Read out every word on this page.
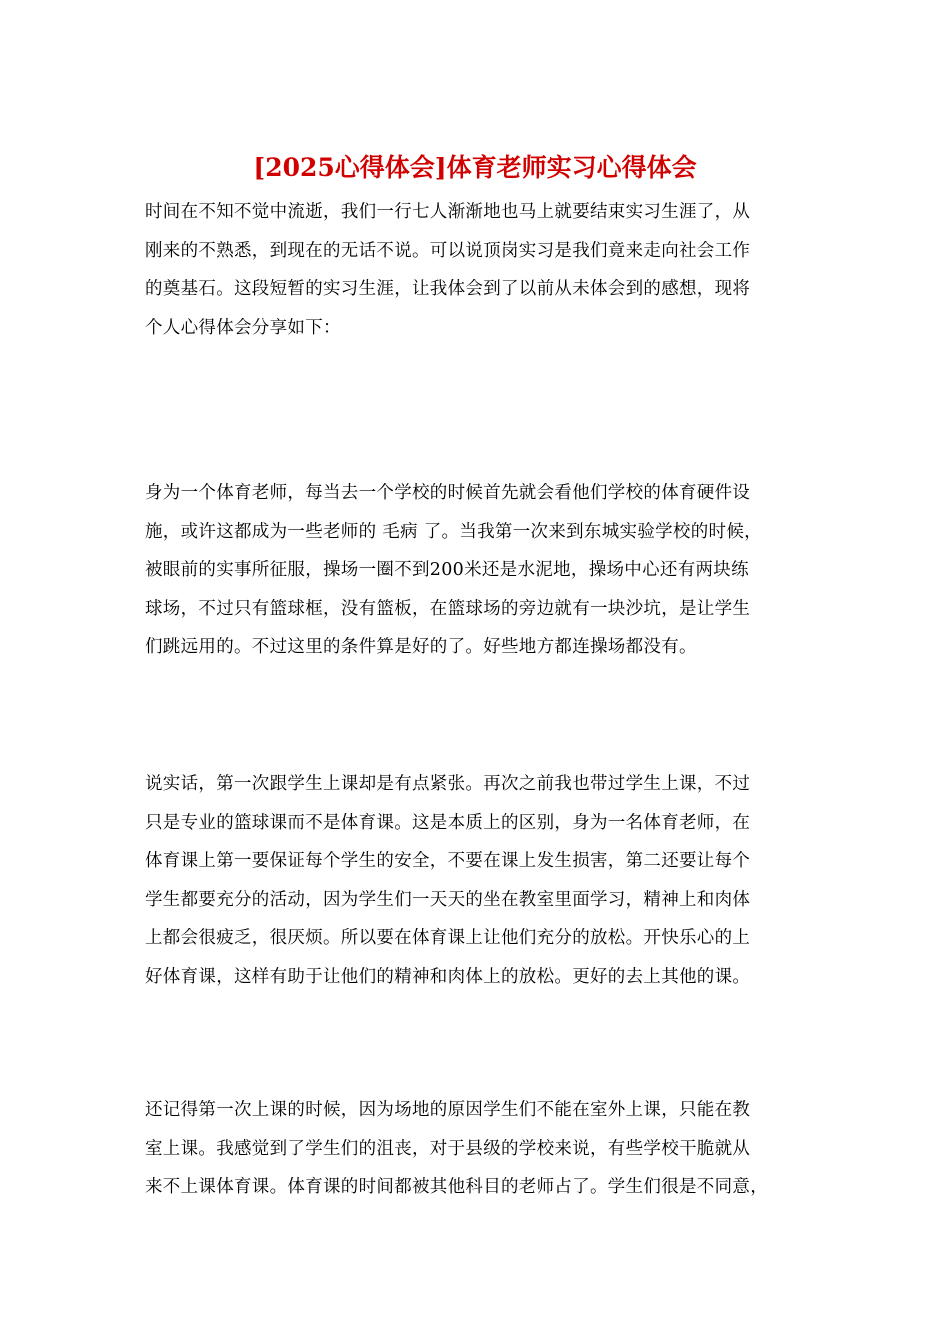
[2025心得体会]体育老师实习心得体会

时间在不知不觉中流逝，我们一行七人渐渐地也马上就要结束实习生涯了，从
刚来的不熟悉，到现在的无话不说。可以说顶岗实习是我们竟来走向社会工作
的奠基石。这段短暂的实习生涯，让我体会到了以前从未体会到的感想，现将
个人心得体会分享如下：

身为一个体育老师，每当去一个学校的时候首先就会看他们学校的体育硬件设
施，或许这都成为一些老师的 毛病 了。当我第一次来到东城实验学校的时候，
被眼前的实事所征服，操场一圈不到200米还是水泥地，操场中心还有两块练
球场，不过只有篮球框，没有篮板，在篮球场的旁边就有一块沙坑，是让学生
们跳远用的。不过这里的条件算是好的了。好些地方都连操场都没有。

说实话，第一次跟学生上课却是有点紧张。再次之前我也带过学生上课，不过
只是专业的篮球课而不是体育课。这是本质上的区别，身为一名体育老师，在
体育课上第一要保证每个学生的安全，不要在课上发生损害，第二还要让每个
学生都要充分的活动，因为学生们一天天的坐在教室里面学习，精神上和肉体
上都会很疲乏，很厌烦。所以要在体育课上让他们充分的放松。开快乐心的上
好体育课，这样有助于让他们的精神和肉体上的放松。更好的去上其他的课。

还记得第一次上课的时候，因为场地的原因学生们不能在室外上课，只能在教
室上课。我感觉到了学生们的沮丧，对于县级的学校来说，有些学校干脆就从
来不上课体育课。体育课的时间都被其他科目的老师占了。学生们很是不同意，
